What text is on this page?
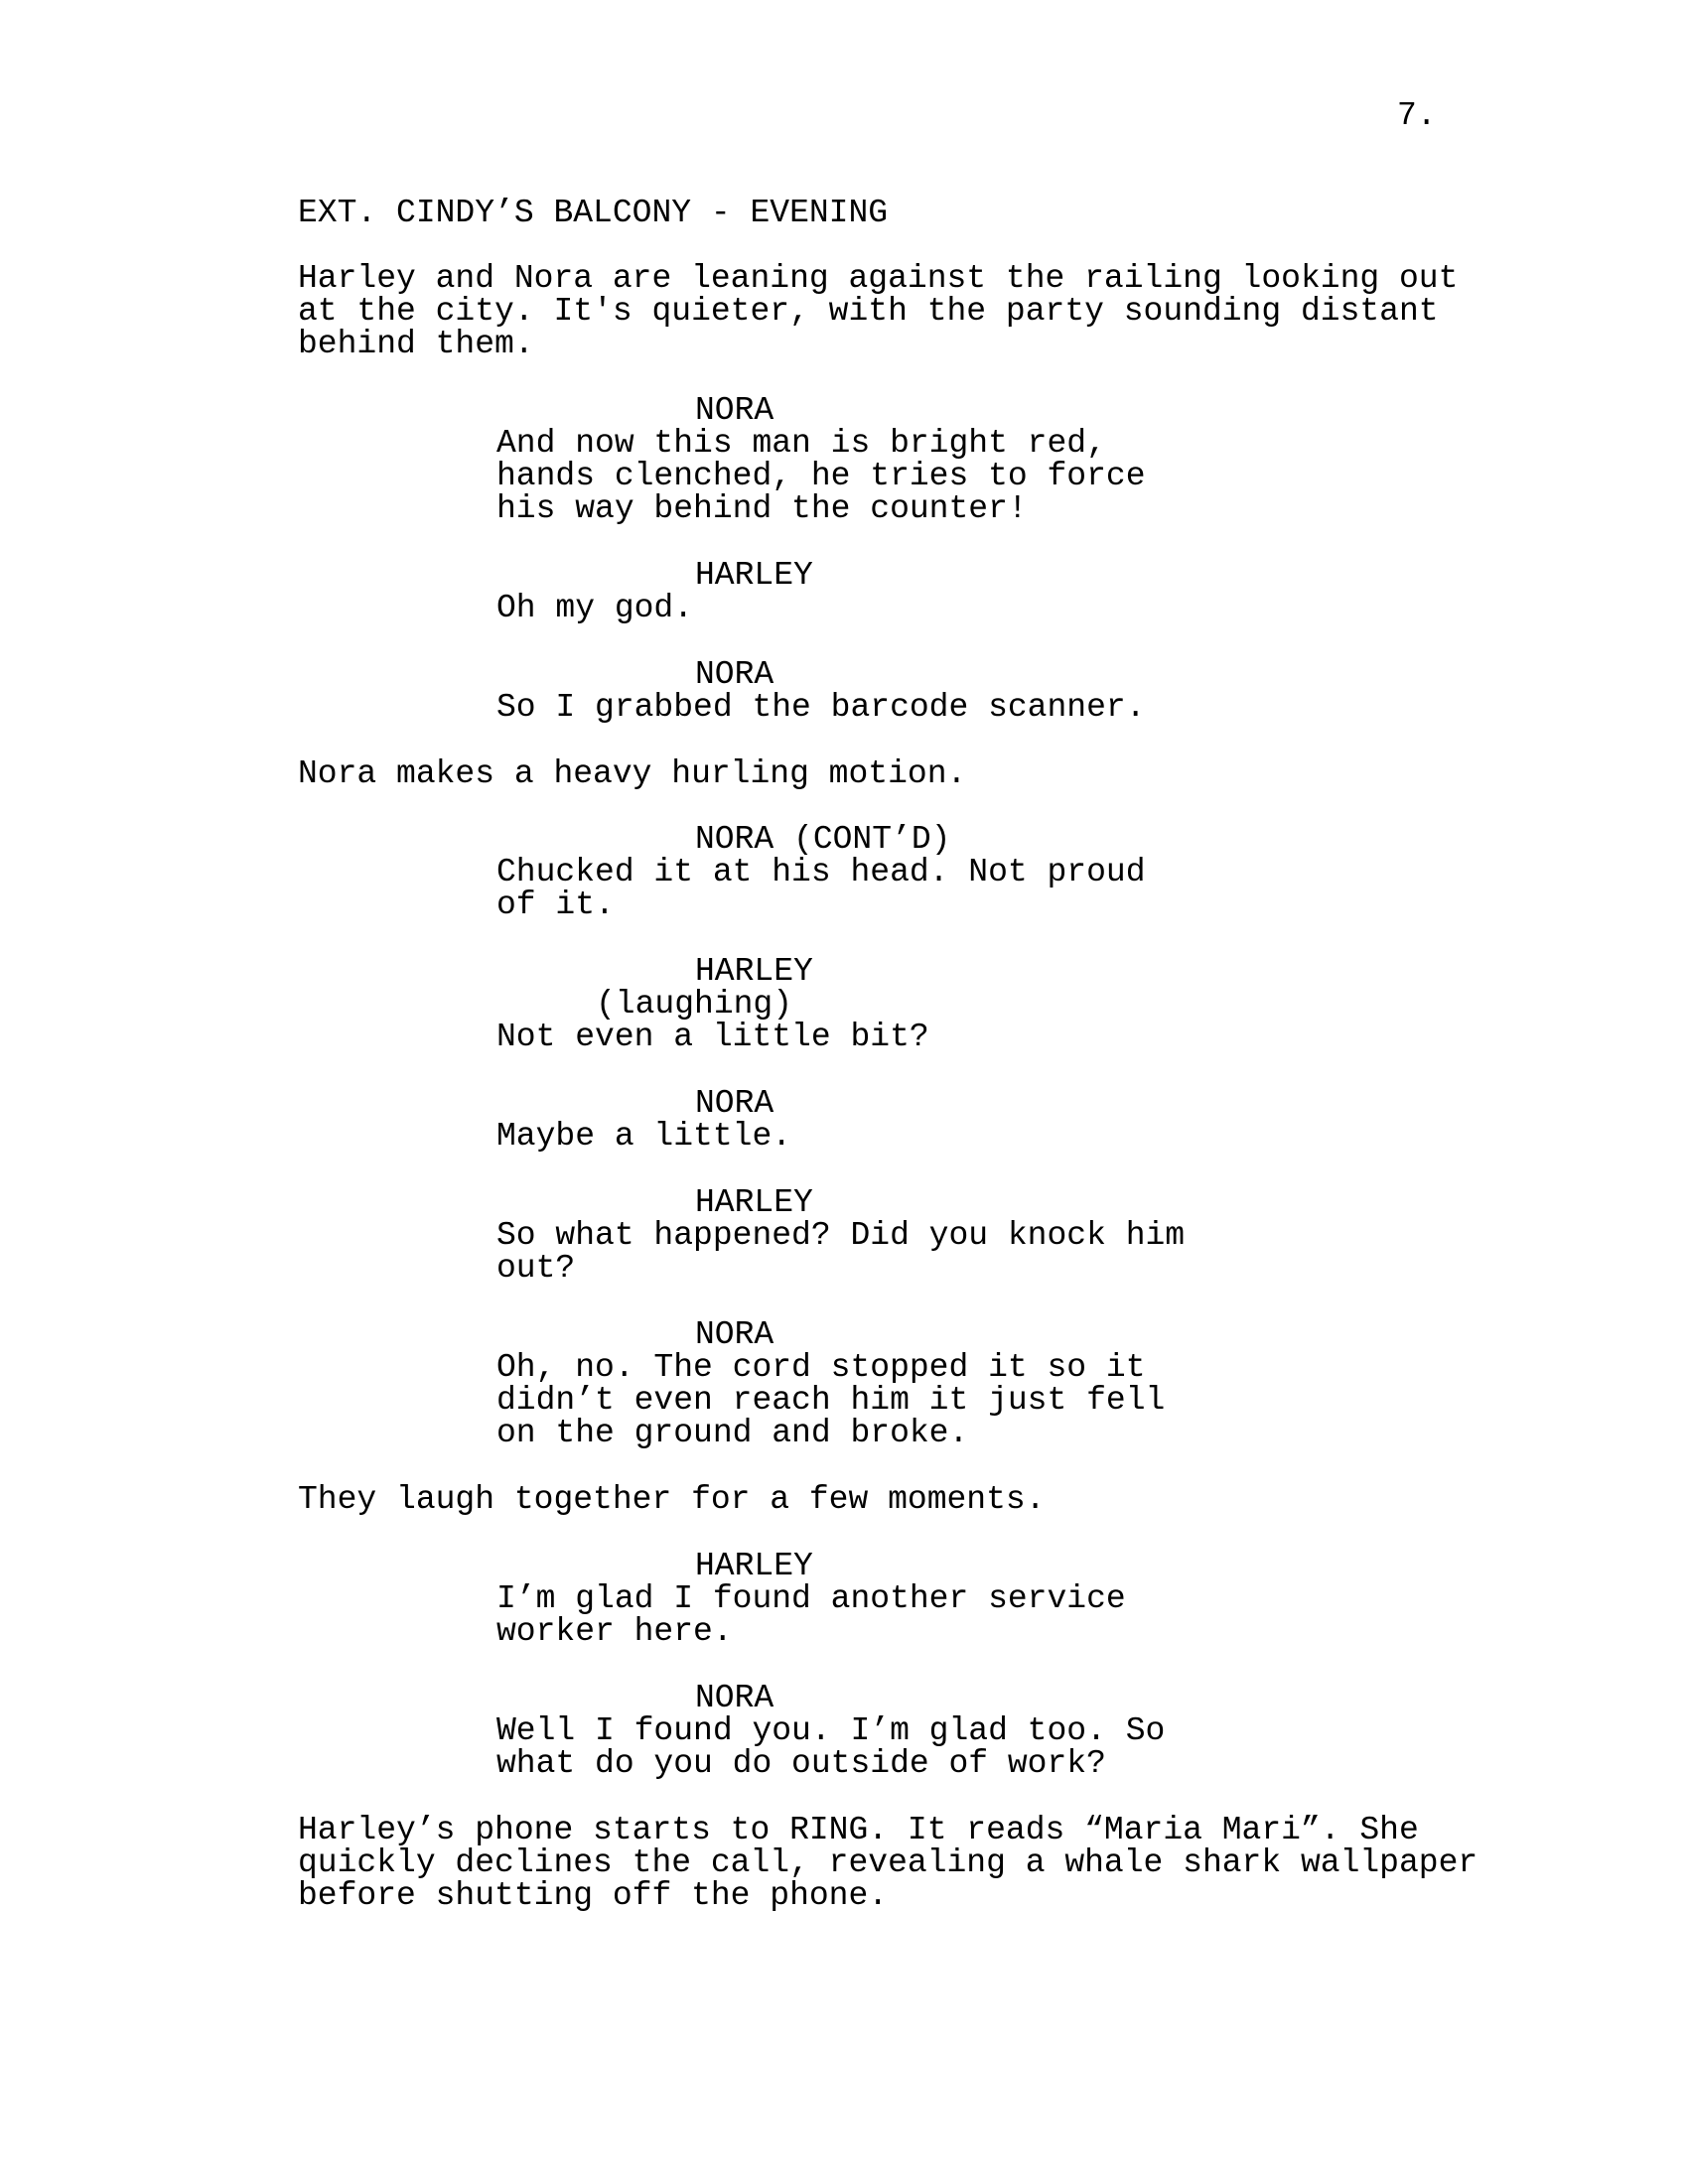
7.
EXT. CINDY’S BALCONY - EVENING
Harley and Nora are leaning against the railing looking out
at the city. It's quieter, with the party sounding distant
behind them.
NORA
And now this man is bright red,
hands clenched, he tries to force
his way behind the counter!
HARLEY
Oh my god.
NORA
So I grabbed the barcode scanner.
Nora makes a heavy hurling motion.
NORA (CONT’D)
Chucked it at his head. Not proud
of it.
HARLEY
(laughing)
Not even a little bit?
NORA
Maybe a little.
HARLEY
So what happened? Did you knock him
out?
NORA
Oh, no. The cord stopped it so it
didn’t even reach him it just fell
on the ground and broke.
They laugh together for a few moments.
HARLEY
I’m glad I found another service
worker here.
NORA
Well I found you. I’m glad too. So
what do you do outside of work?
Harley’s phone starts to RING. It reads “Maria Mari”. She
quickly declines the call, revealing a whale shark wallpaper
before shutting off the phone.
